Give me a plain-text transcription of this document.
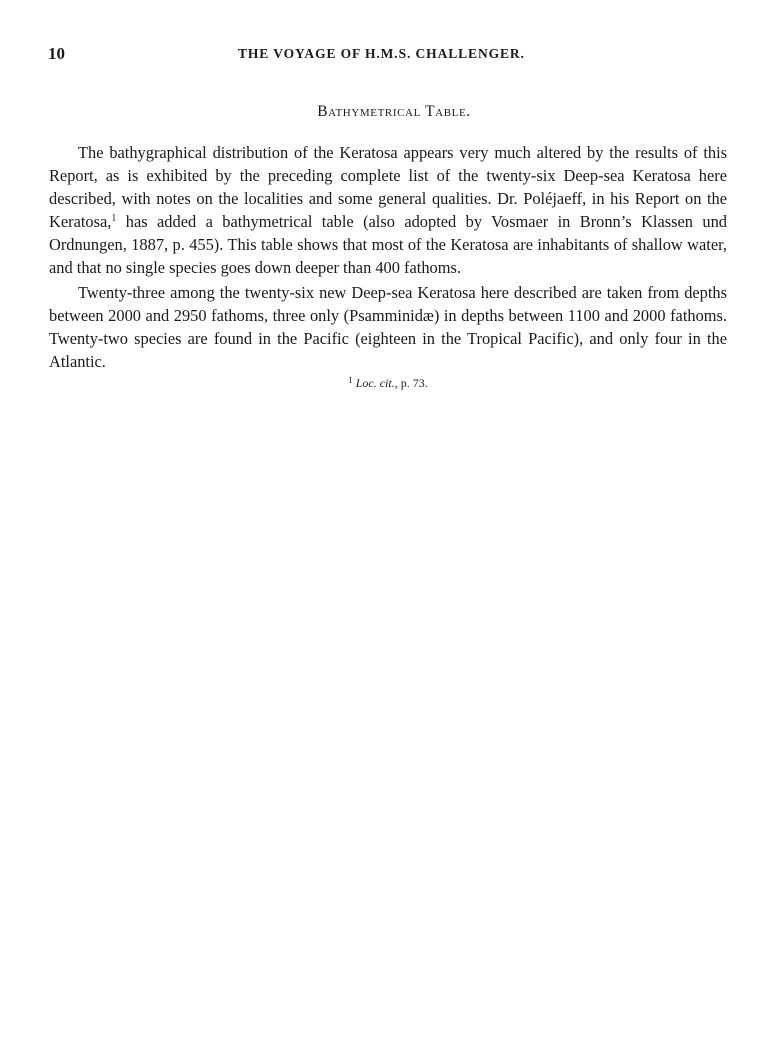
10	THE VOYAGE OF H.M.S. CHALLENGER.
Bathymetrical Table.

The bathygraphical distribution of the Keratosa appears very much altered by the results of this Report, as is exhibited by the preceding complete list of the twenty-six Deep-sea Keratosa here described, with notes on the localities and some general qualities. Dr. Poléjaeff, in his Report on the Keratosa,$^1$ has added a bathymetrical table (also adopted by Vosmaer in Bronn’s Klassen und Ordnungen, 1887, p. 455). This table shows that most of the Keratosa are inhabitants of shallow water, and that no single species goes down deeper than 400 fathoms.

Twenty-three among the twenty-six new Deep-sea Keratosa here described are taken from depths between 2000 and 2950 fathoms, three only (Psamminidæ) in depths between 1100 and 2000 fathoms. Twenty-two species are found in the Pacific (eighteen in the Tropical Pacific), and only four in the Atlantic.

$^1$ Loc. cit., p. 73.
